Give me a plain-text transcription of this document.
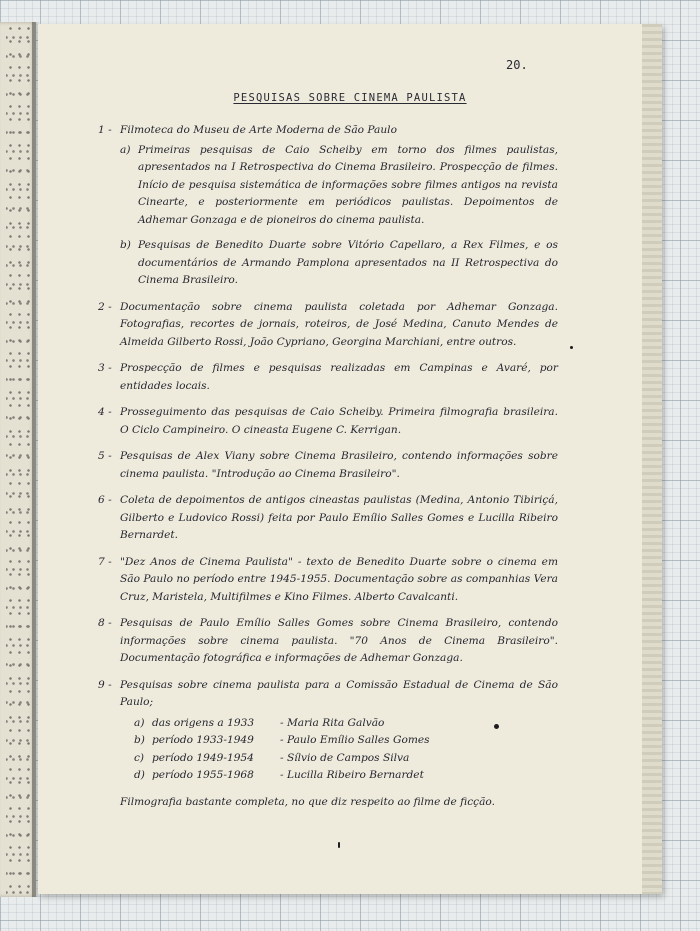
20.
PESQUISAS SOBRE CINEMA PAULISTA
1 - Filmoteca do Museu de Arte Moderna de São Paulo
a) Primeiras pesquisas de Caio Scheiby em torno dos filmes paulistas, apresentados na I Retrospectiva do Cinema Brasileiro. Prospecção de filmes. Início de pesquisa sistemática de informações sobre filmes antigos na revista Cinearte, e posteriormente em periódicos paulistas. Depoimentos de Adhemar Gonzaga e de pioneiros do cinema paulista.
b) Pesquisas de Benedito Duarte sobre Vitório Capellaro, a Rex Filmes, e os documentários de Armando Pamplona apresentados na II Retrospectiva do Cinema Brasileiro.
2 - Documentação sobre cinema paulista coletada por Adhemar Gonzaga. Fotografias, recortes de jornais, roteiros, de José Medina, Canuto Mendes de Almeida Gilberto Rossi, João Cypriano, Georgina Marchiani, entre outros.
3 - Prospecção de filmes e pesquisas realizadas em Campinas e Avaré, por entidades locais.
4 - Prosseguimento das pesquisas de Caio Scheiby. Primeira filmografia brasileira. O Ciclo Campineiro. O cineasta Eugene C. Kerrigan.
5 - Pesquisas de Alex Viany sobre Cinema Brasileiro, contendo informações sobre cinema paulista. "Introdução ao Cinema Brasileiro".
6 - Coleta de depoimentos de antigos cineastas paulistas (Medina, Antonio Tibiriçá, Gilberto e Ludovico Rossi) feita por Paulo Emílio Salles Gomes e Lucilla Ribeiro Bernardet.
7 - "Dez Anos de Cinema Paulista" - texto de Benedito Duarte sobre o cinema em São Paulo no período entre 1945-1955. Documentação sobre as companhias Vera Cruz, Maristela, Multifilmes e Kino Filmes. Alberto Cavalcanti.
8 - Pesquisas de Paulo Emílio Salles Gomes sobre Cinema Brasileiro, contendo informações sobre cinema paulista. "70 Anos de Cinema Brasileiro". Documentação fotográfica e informações de Adhemar Gonzaga.
9 - Pesquisas sobre cinema paulista para a Comissão Estadual de Cinema de São Paulo;
a) das origens a 1933	- Maria Rita Galvão
b) período 1933-1949	- Paulo Emílio Salles Gomes
c) período 1949-1954	- Sílvio de Campos Silva
d) período 1955-1968	- Lucilla Ribeiro Bernardet
Filmografia bastante completa, no que diz respeito ao filme de ficção.
